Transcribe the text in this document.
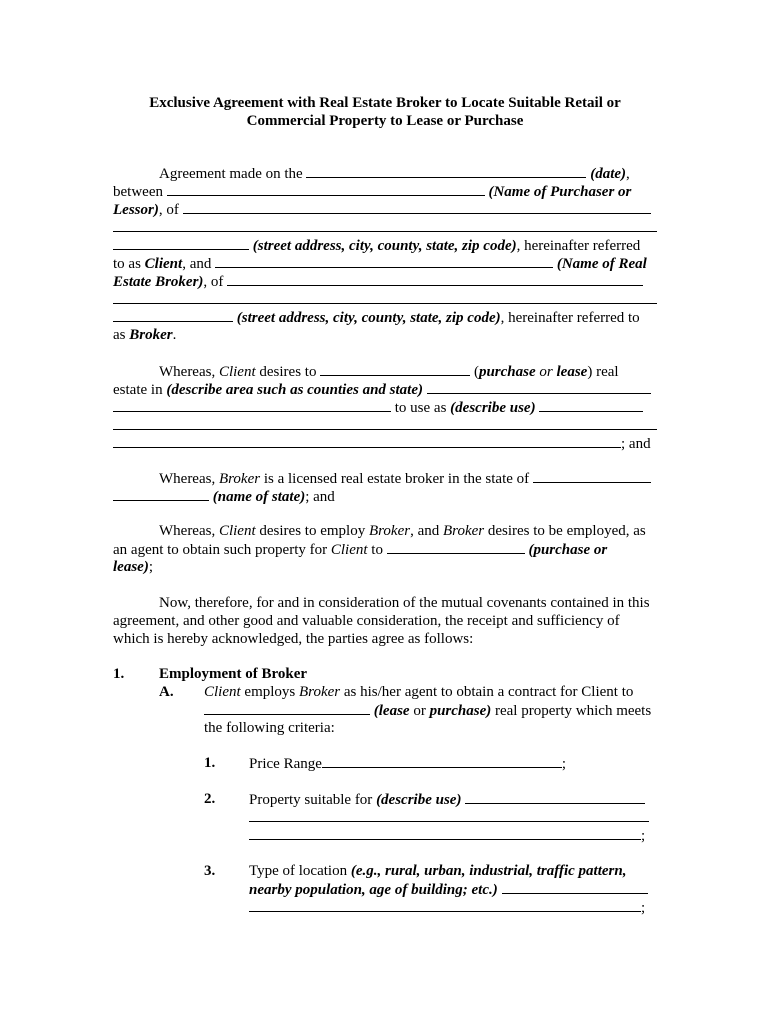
Exclusive Agreement with Real Estate Broker to Locate Suitable Retail or
Commercial Property to Lease or Purchase
Agreement made on the	(date),
between	(Name of Purchaser or
Lessor), of
(street address, city, county, state, zip code), hereinafter referred
to as Client, and	(Name of Real
Estate Broker), of
(street address, city, county, state, zip code), hereinafter referred to
as Broker.
Whereas, Client desires to	(purchase or lease) real
estate in (describe area such as counties and state)
to use as (describe use)
; and
Whereas, Broker is a licensed real estate broker in the state of
(name of state); and
Whereas, Client desires to employ Broker, and Broker desires to be employed, as
an agent to obtain such property for Client to	(purchase or
lease);
Now, therefore, for and in consideration of the mutual covenants contained in this
agreement, and other good and valuable consideration, the receipt and sufficiency of
which is hereby acknowledged, the parties agree as follows:
1. Employment of Broker
A. Client employs Broker as his/her agent to obtain a contract for Client to
(lease or purchase) real property which meets
the following criteria:
1. Price Range	;
2. Property suitable for (describe use)
;
3. Type of location (e.g., rural, urban, industrial, traffic pattern,
nearby population, age of building; etc.)
;
